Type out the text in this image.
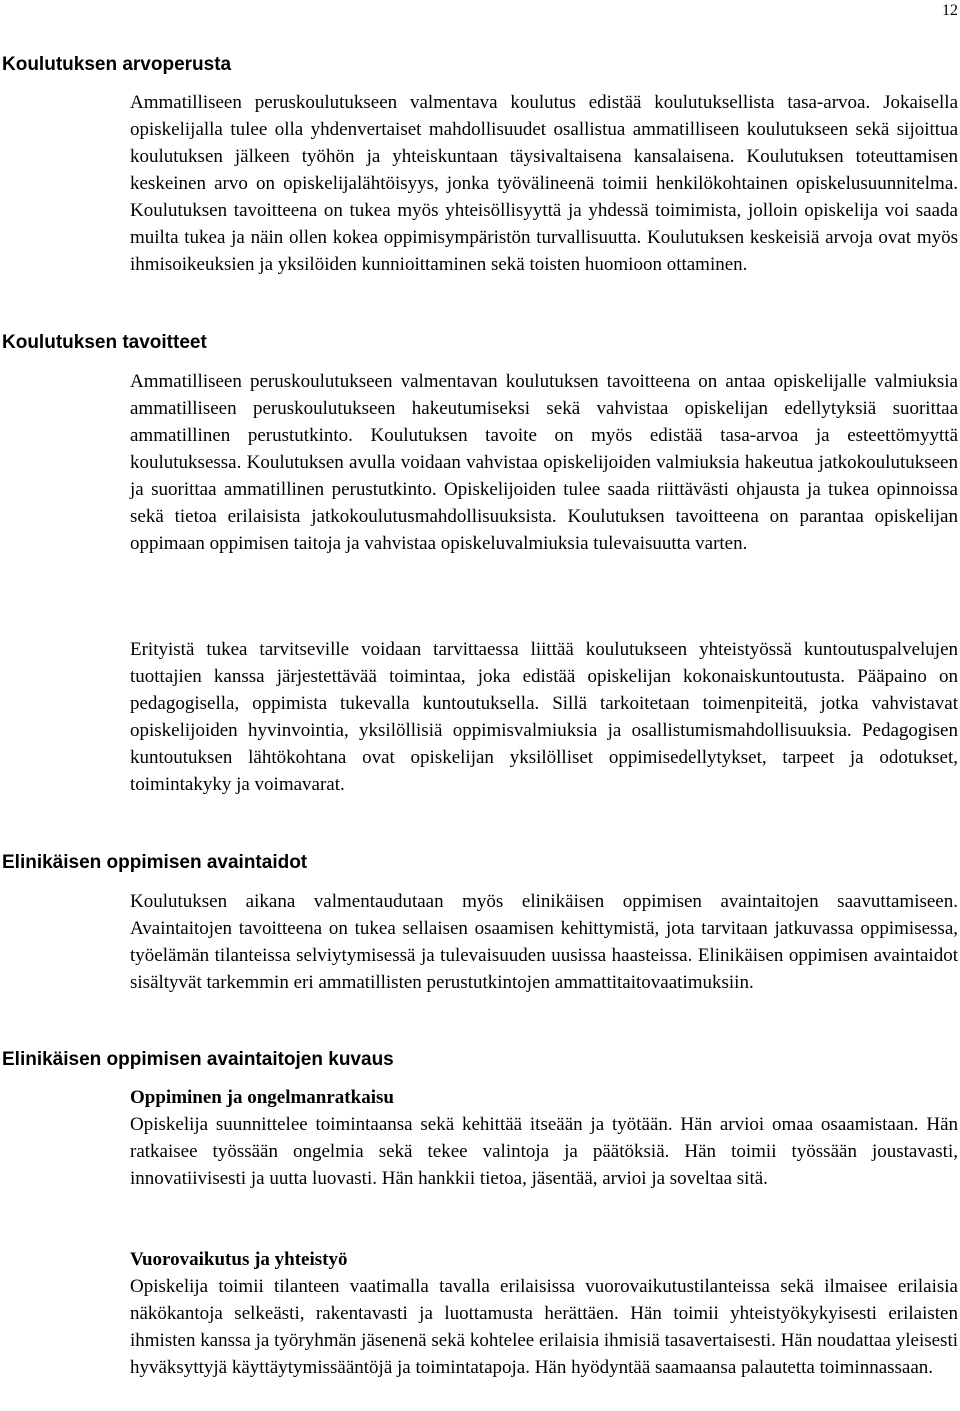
12
Koulutuksen arvoperusta

Ammatilliseen peruskoulutukseen valmentava koulutus edistää koulutuksellista tasa-arvoa. Jokaisella opiskelijalla tulee olla yhdenvertaiset mahdollisuudet osallistua ammatilliseen koulutukseen sekä sijoittua koulutuksen jälkeen työhön ja yhteiskuntaan täysivaltaisena kansalaisena. Koulutuksen toteuttamisen keskeinen arvo on opiskelijalähtöisyys, jonka työvälineenä toimii henkilökohtainen opiskelusuunnitelma. Koulutuksen tavoitteena on tukea myös yhteisöllisyyttä ja yhdessä toimimista, jolloin opiskelija voi saada muilta tukea ja näin ollen kokea oppimisympäristön turvallisuutta. Koulutuksen keskeisiä arvoja ovat myös ihmisoikeuksien ja yksilöiden kunnioittaminen sekä toisten huomioon ottaminen.

Koulutuksen tavoitteet

Ammatilliseen peruskoulutukseen valmentavan koulutuksen tavoitteena on antaa opiskelijalle valmiuksia ammatilliseen peruskoulutukseen hakeutumiseksi sekä vahvistaa opiskelijan edellytyksiä suorittaa ammatillinen perustutkinto. Koulutuksen tavoite on myös edistää tasa-arvoa ja esteettömyyttä koulutuksessa. Koulutuksen avulla voidaan vahvistaa opiskelijoiden valmiuksia hakeutua jatkokoulutukseen ja suorittaa ammatillinen perustutkinto. Opiskelijoiden tulee saada riittävästi ohjausta ja tukea opinnoissa sekä tietoa erilaisista jatkokoulutusmahdollisuuksista. Koulutuksen tavoitteena on parantaa opiskelijan oppimaan oppimisen taitoja ja vahvistaa opiskeluvalmiuksia tulevaisuutta varten.

Erityistä tukea tarvitseville voidaan tarvittaessa liittää koulutukseen yhteistyössä kuntoutuspalvelujen tuottajien kanssa järjestettävää toimintaa, joka edistää opiskelijan kokonaiskuntoutusta. Pääpaino on pedagogisella, oppimista tukevalla kuntoutuksella. Sillä tarkoitetaan toimenpiteitä, jotka vahvistavat opiskelijoiden hyvinvointia, yksilöllisiä oppimisvalmiuksia ja osallistumismahdollisuuksia. Pedagogisen kuntoutuksen lähtökohtana ovat opiskelijan yksilölliset oppimisedellytykset, tarpeet ja odotukset, toimintakyky ja voimavarat.

Elinikäisen oppimisen avaintaidot

Koulutuksen aikana valmentaudutaan myös elinikäisen oppimisen avaintaitojen saavuttamiseen. Avaintaitojen tavoitteena on tukea sellaisen osaamisen kehittymistä, jota tarvitaan jatkuvassa oppimisessa, työelämän tilanteissa selviytymisessä ja tulevaisuuden uusissa haasteissa. Elinikäisen oppimisen avaintaidot sisältyvät tarkemmin eri ammatillisten perustutkintojen ammattitaitovaatimuksiin.

Elinikäisen oppimisen avaintaitojen kuvaus

Oppiminen ja ongelmanratkaisu

Opiskelija suunnittelee toimintaansa sekä kehittää itseään ja työtään. Hän arvioi omaa osaamistaan. Hän ratkaisee työssään ongelmia sekä tekee valintoja ja päätöksiä. Hän toimii työssään joustavasti, innovatiivisesti ja uutta luovasti. Hän hankkii tietoa, jäsentää, arvioi ja soveltaa sitä.

Vuorovaikutus ja yhteistyö

Opiskelija toimii tilanteen vaatimalla tavalla erilaisissa vuorovaikutustilanteissa sekä ilmaisee erilaisia näkökantoja selkeästi, rakentavasti ja luottamusta herättäen. Hän toimii yhteistyökykyisesti erilaisten ihmisten kanssa ja työryhmän jäsenenä sekä kohtelee erilaisia ihmisiä tasavertaisesti. Hän noudattaa yleisesti hyväksyttyjä käyttäytymissääntöjä ja toimintatapoja. Hän hyödyntää saamaansa palautetta toiminnassaan.
